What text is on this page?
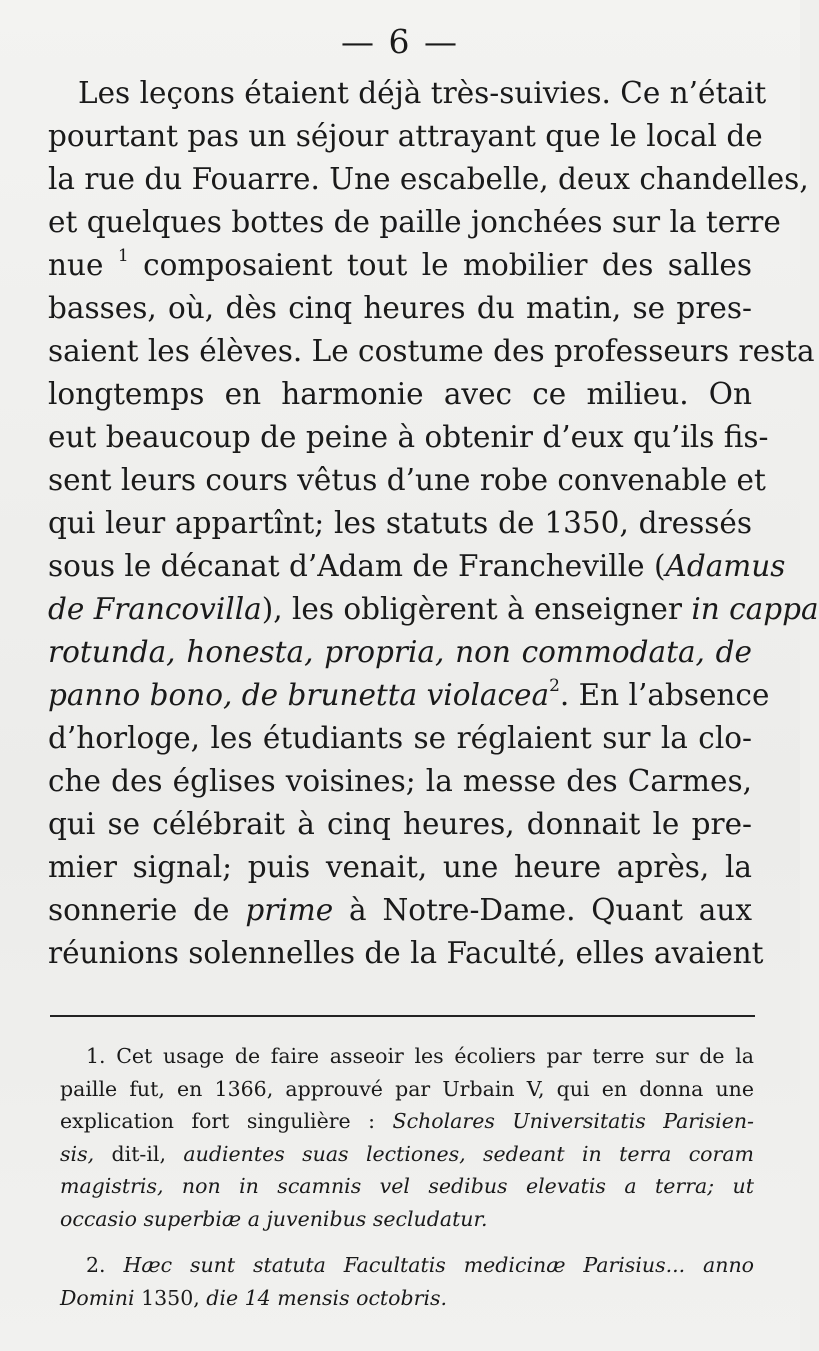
— 6 —
Les leçons étaient déjà très-suivies. Ce n’était
pourtant pas un séjour attrayant que le local de
la rue du Fouarre. Une escabelle, deux chandelles,
et quelques bottes de paille jonchées sur la terre
nue $^1$ composaient tout le mobilier des salles
basses, où, dès cinq heures du matin, se pres-
saient les élèves. Le costume des professeurs resta
longtemps en harmonie avec ce milieu. On
eut beaucoup de peine à obtenir d’eux qu’ils fis-
sent leurs cours vêtus d’une robe convenable et
qui leur appartînt; les statuts de 1350, dressés
sous le décanat d’Adam de Francheville (Adamus
de Francovilla), les obligèrent à enseigner in cappa
rotunda, honesta, propria, non commodata, de
panno bono, de brunetta violacea$^2$. En l’absence
d’horloge, les étudiants se réglaient sur la clo-
che des églises voisines; la messe des Carmes,
qui se célébrait à cinq heures, donnait le pre-
mier signal; puis venait, une heure après, la
sonnerie de prime à Notre-Dame. Quant aux
réunions solennelles de la Faculté, elles avaient
1. Cet usage de faire asseoir les écoliers par terre sur de la
paille fut, en 1366, approuvé par Urbain V, qui en donna une
explication fort singulière : Scholares Universitatis Parisien-
sis, dit-il, audientes suas lectiones, sedeant in terra coram
magistris, non in scamnis vel sedibus elevatis a terra; ut
occasio superbiæ a juvenibus secludatur.
2. Hæc sunt statuta Facultatis medicinæ Parisius... anno
Domini 1350, die 14 mensis octobris.
